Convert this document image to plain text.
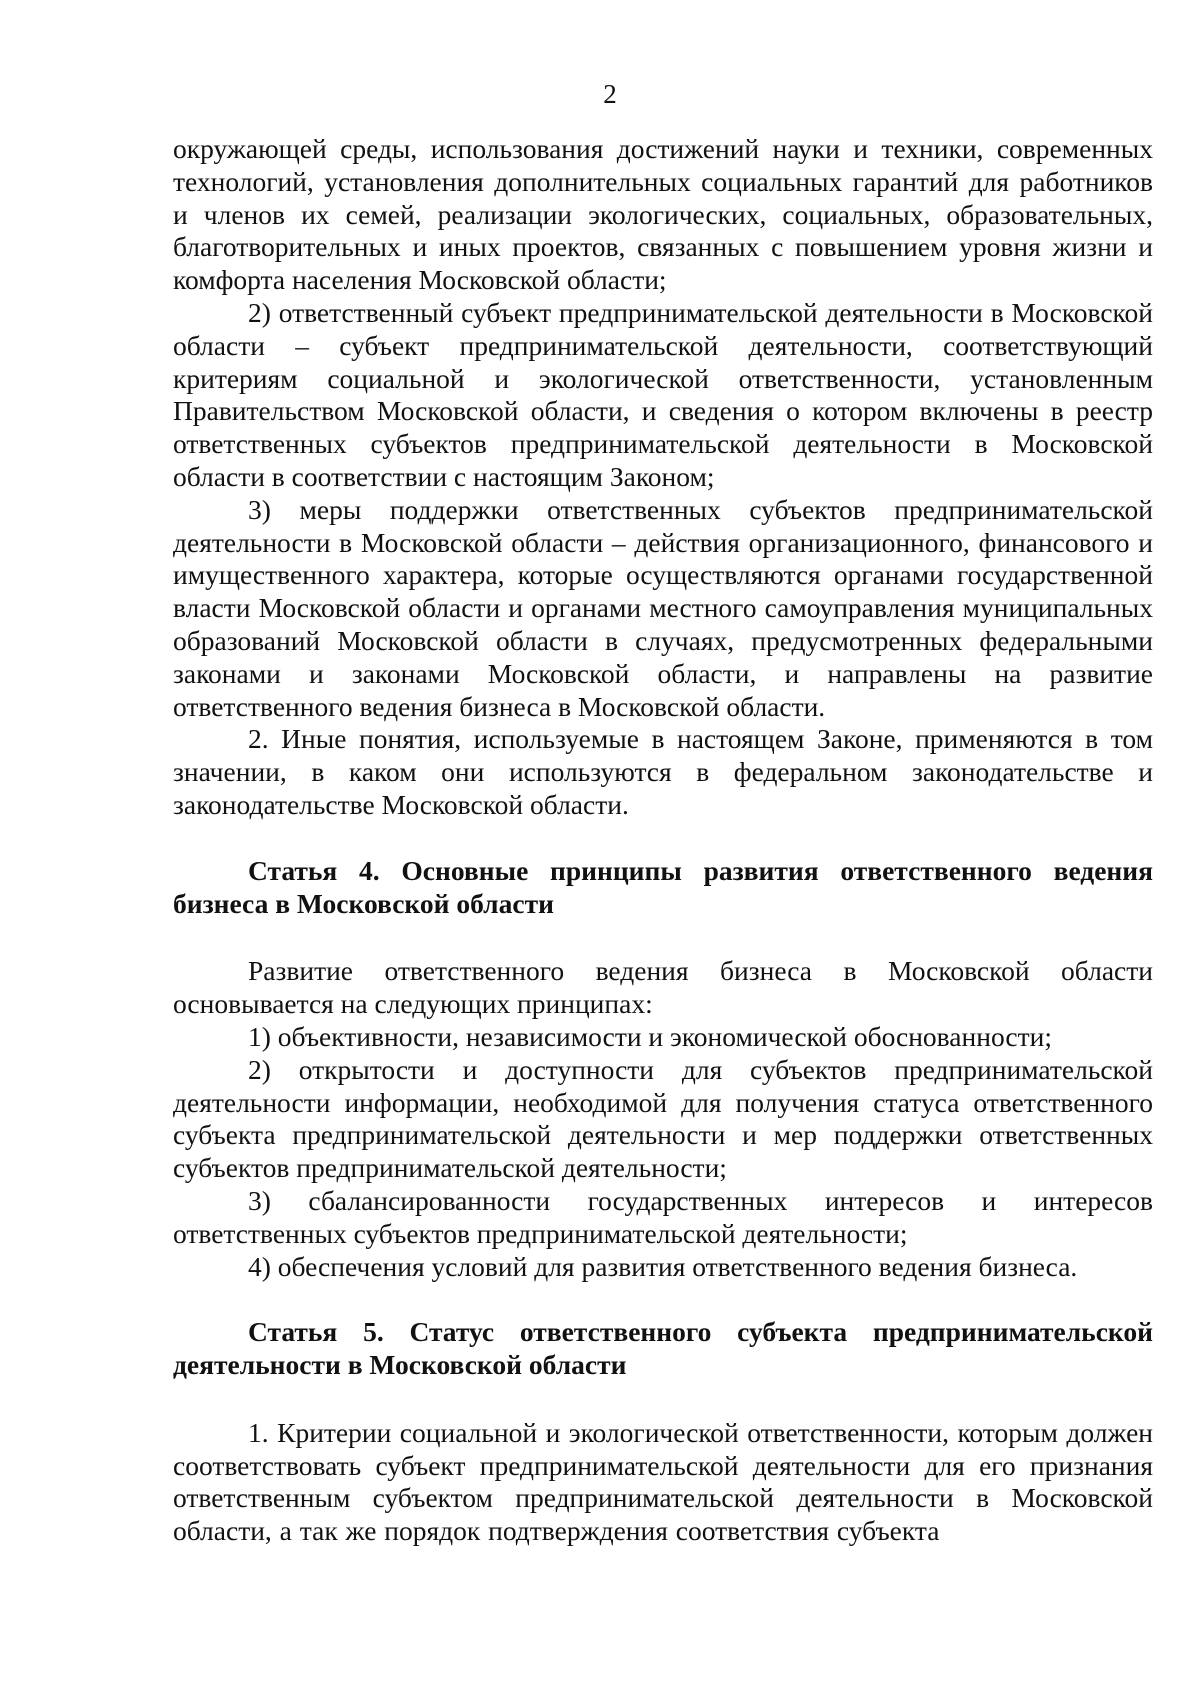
2

окружающей среды, использования достижений науки и техники, современных технологий, установления дополнительных социальных гарантий для работников и членов их семей, реализации экологических, социальных, образовательных, благотворительных и иных проектов, связанных с повышением уровня жизни и комфорта населения Московской области;

2) ответственный субъект предпринимательской деятельности в Московской области – субъект предпринимательской деятельности, соответствующий критериям социальной и экологической ответственности, установленным Правительством Московской области, и сведения о котором включены в реестр ответственных субъектов предпринимательской деятельности в Московской области в соответствии с настоящим Законом;

3) меры поддержки ответственных субъектов предпринимательской деятельности в Московской области – действия организационного, финансового и имущественного характера, которые осуществляются органами государственной власти Московской области и органами местного самоуправления муниципальных образований Московской области в случаях, предусмотренных федеральными законами и законами Московской области, и направлены на развитие ответственного ведения бизнеса в Московской области.

2. Иные понятия, используемые в настоящем Законе, применяются в том значении, в каком они используются в федеральном законодательстве и законодательстве Московской области.

Статья 4. Основные принципы развития ответственного ведения бизнеса в Московской области

Развитие ответственного ведения бизнеса в Московской области основывается на следующих принципах:

1) объективности, независимости и экономической обоснованности;

2) открытости и доступности для субъектов предпринимательской деятельности информации, необходимой для получения статуса ответственного субъекта предпринимательской деятельности и мер поддержки ответственных субъектов предпринимательской деятельности;

3) сбалансированности государственных интересов и интересов ответственных субъектов предпринимательской деятельности;

4) обеспечения условий для развития ответственного ведения бизнеса.

Статья 5. Статус ответственного субъекта предпринимательской деятельности в Московской области

1. Критерии социальной и экологической ответственности, которым должен соответствовать субъект предпринимательской деятельности для его признания ответственным субъектом предпринимательской деятельности в Московской области, а так же порядок подтверждения соответствия субъекта
